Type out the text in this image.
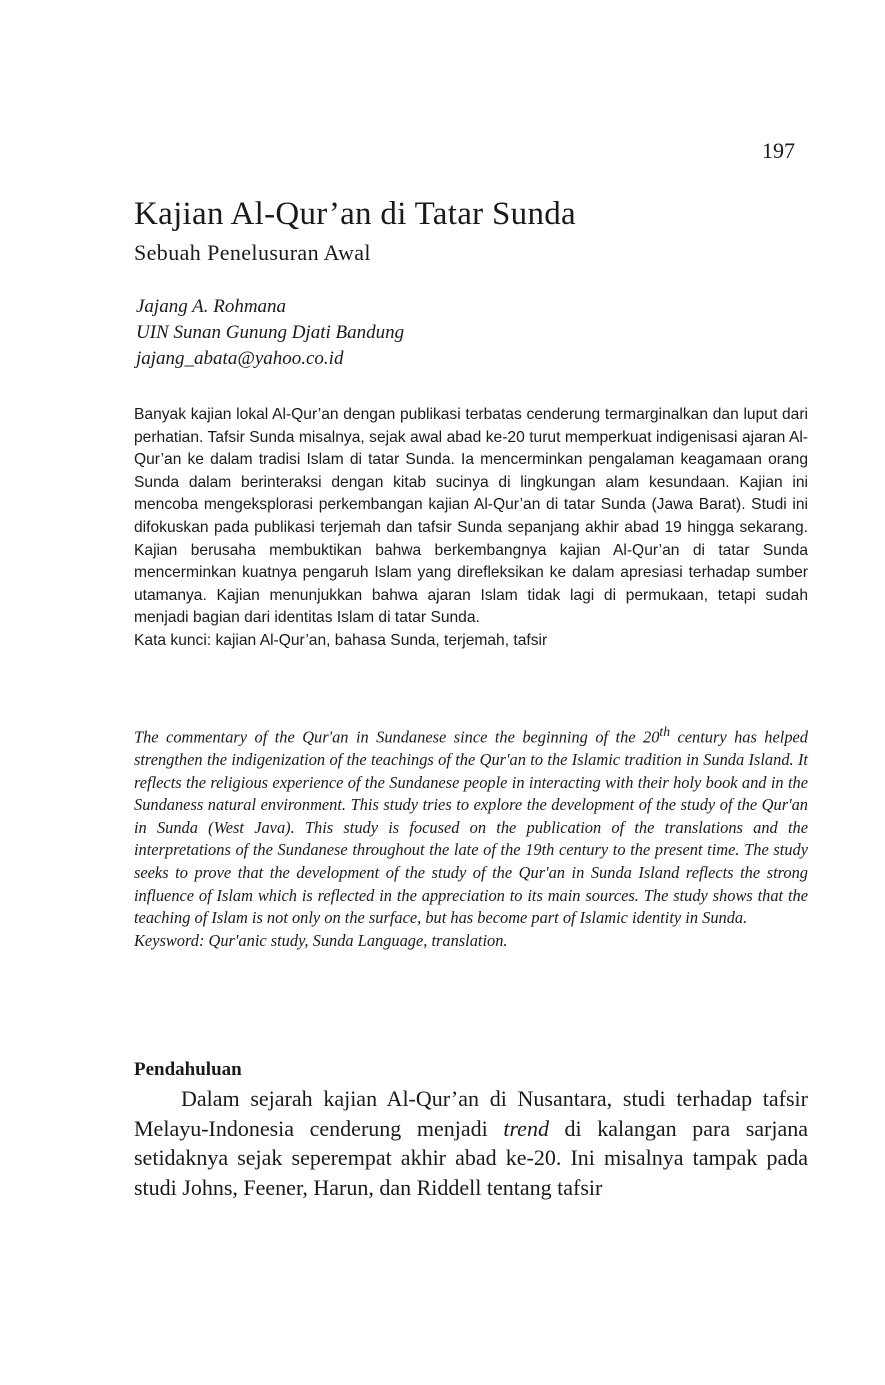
197
Kajian Al-Qur’an di Tatar Sunda
Sebuah Penelusuran Awal
Jajang A. Rohmana
UIN Sunan Gunung Djati Bandung
jajang_abata@yahoo.co.id

Banyak kajian lokal Al-Qur’an dengan publikasi terbatas cenderung termarginalkan dan luput dari perhatian. Tafsir Sunda misalnya, sejak awal abad ke-20 turut memperkuat indigenisasi ajaran Al-Qur’an ke dalam tradisi Islam di tatar Sunda. Ia mencerminkan pengalaman keagamaan orang Sunda dalam berinteraksi dengan kitab sucinya di lingkungan alam kesundaan. Kajian ini mencoba mengeksplorasi perkembangan kajian Al-Qur’an di tatar Sunda (Jawa Barat). Studi ini difokuskan pada publikasi terjemah dan tafsir Sunda sepanjang akhir abad 19 hingga sekarang. Kajian berusaha membuktikan bahwa berkembangnya kajian Al-Qur’an di tatar Sunda mencerminkan kuatnya pengaruh Islam yang direfleksikan ke dalam apresiasi terhadap sumber utamanya. Kajian menunjukkan bahwa ajaran Islam tidak lagi di permukaan, tetapi sudah menjadi bagian dari identitas Islam di tatar Sunda.

Kata kunci: kajian Al-Qur’an, bahasa Sunda, terjemah, tafsir

The commentary of the Qur'an in Sundanese since the beginning of the 20th century has helped strengthen the indigenization of the teachings of the Qur'an to the Islamic tradition in Sunda Island. It reflects the religious experience of the Sundanese people in interacting with their holy book and in the Sundaness natural environment. This study tries to explore the development of the study of the Qur'an in Sunda (West Java). This study is focused on the publication of the translations and the interpretations of the Sundanese throughout the late of the 19th century to the present time. The study seeks to prove that the development of the study of the Qur'an in Sunda Island reflects the strong influence of Islam which is reflected in the appreciation to its main sources. The study shows that the teaching of Islam is not only on the surface, but has become part of Islamic identity in Sunda.

Keysword: Qur'anic study, Sunda Language, translation.

Pendahuluan

Dalam sejarah kajian Al-Qur’an di Nusantara, studi terhadap tafsir Melayu-Indonesia cenderung menjadi trend di kalangan para sarjana setidaknya sejak seperempat akhir abad ke-20. Ini misalnya tampak pada studi Johns, Feener, Harun, dan Riddell tentang tafsir
